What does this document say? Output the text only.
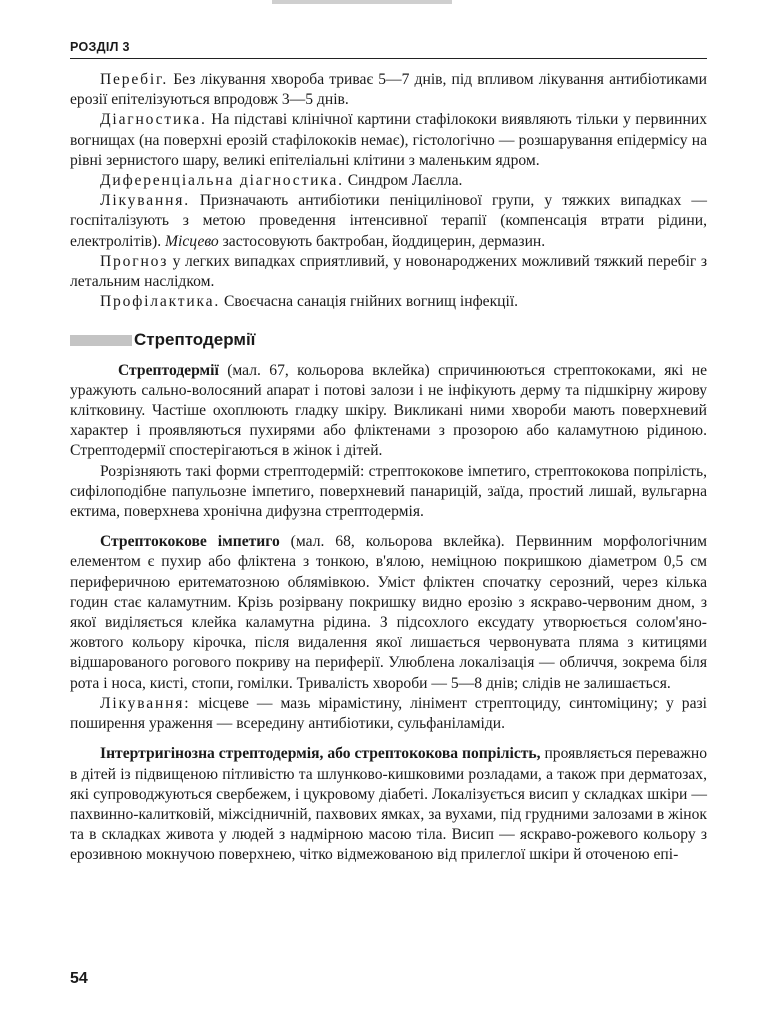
РОЗДІЛ 3

Перебіг. Без лікування хвороба триває 5—7 днів, під впливом лікування антибіотиками ерозії епітелізуються впродовж 3—5 днів.

Діагностика. На підставі клінічної картини стафілококи виявляють тільки у первинних вогнищах (на поверхні ерозій стафілококів немає), гістологічно — розшарування епідермісу на рівні зернистого шару, великі епітеліальні клітини з маленьким ядром.

Диференціальна діагностика. Синдром Лаєлла.

Лікування. Призначають антибіотики пеніцилінової групи, у тяжких випадках — госпіталізують з метою проведення інтенсивної терапії (компенсація втрати рідини, електролітів). Місцево застосовують бактробан, йоддицерин, дермазин.

Прогноз у легких випадках сприятливий, у новонароджених можливий тяжкий перебіг з летальним наслідком.

Профілактика. Своєчасна санація гнійних вогнищ інфекції.

Стрептодермії

Стрептодермії (мал. 67, кольорова вклейка) спричинюються стрептококами, які не уражують сально-волосяний апарат і потові залози і не інфікують дерму та підшкірну жирову клітковину. Частіше охоплюють гладку шкіру. Викликані ними хвороби мають поверхневий характер і проявляються пухирями або фліктенами з прозорою або каламутною рідиною. Стрептодермії спостерігаються в жінок і дітей.

Розрізняють такі форми стрептодермій: стрептококове імпетиго, стрептококова попрілість, сифілоподібне папульозне імпетиго, поверхневий панарицій, заїда, простий лишай, вульгарна ектима, поверхнева хронічна дифузна стрептодермія.

Стрептококове імпетиго (мал. 68, кольорова вклейка). Первинним морфологічним елементом є пухир або фліктена з тонкою, в'ялою, неміцною покришкою діаметром 0,5 см периферичною еритематозною облямівкою. Уміст фліктен спочатку серозний, через кілька годин стає каламутним. Крізь розірвану покришку видно ерозію з яскраво-червоним дном, з якої виділяється клейка каламутна рідина. З підсохлого ексудату утворюється солом'яно-жовтого кольору кірочка, після видалення якої лишається червонувата пляма з китицями відшарованого рогового покриву на периферії. Улюблена локалізація — обличчя, зокрема біля рота і носа, кисті, стопи, гомілки. Тривалість хвороби — 5—8 днів; слідів не залишається.

Лікування: місцеве — мазь мірамістину, лінімент стрептоциду, синтоміцину; у разі поширення ураження — всередину антибіотики, сульфаніламіди.

Інтертригінозна стрептодермія, або стрептококова попрілість, проявляється переважно в дітей із підвищеною пітливістю та шлунково-кишковими розладами, а також при дерматозах, які супроводжуються свербежем, і цукровому діабеті. Локалізується висип у складках шкіри — пахвинно-калитковій, міжсідничній, пахвових ямках, за вухами, під грудними залозами в жінок та в складках живота у людей з надмірною масою тіла. Висип — яскраво-рожевого кольору з ерозивною мокнучою поверхнею, чітко відмежованою від прилеглої шкіри й оточеною епі-

54
